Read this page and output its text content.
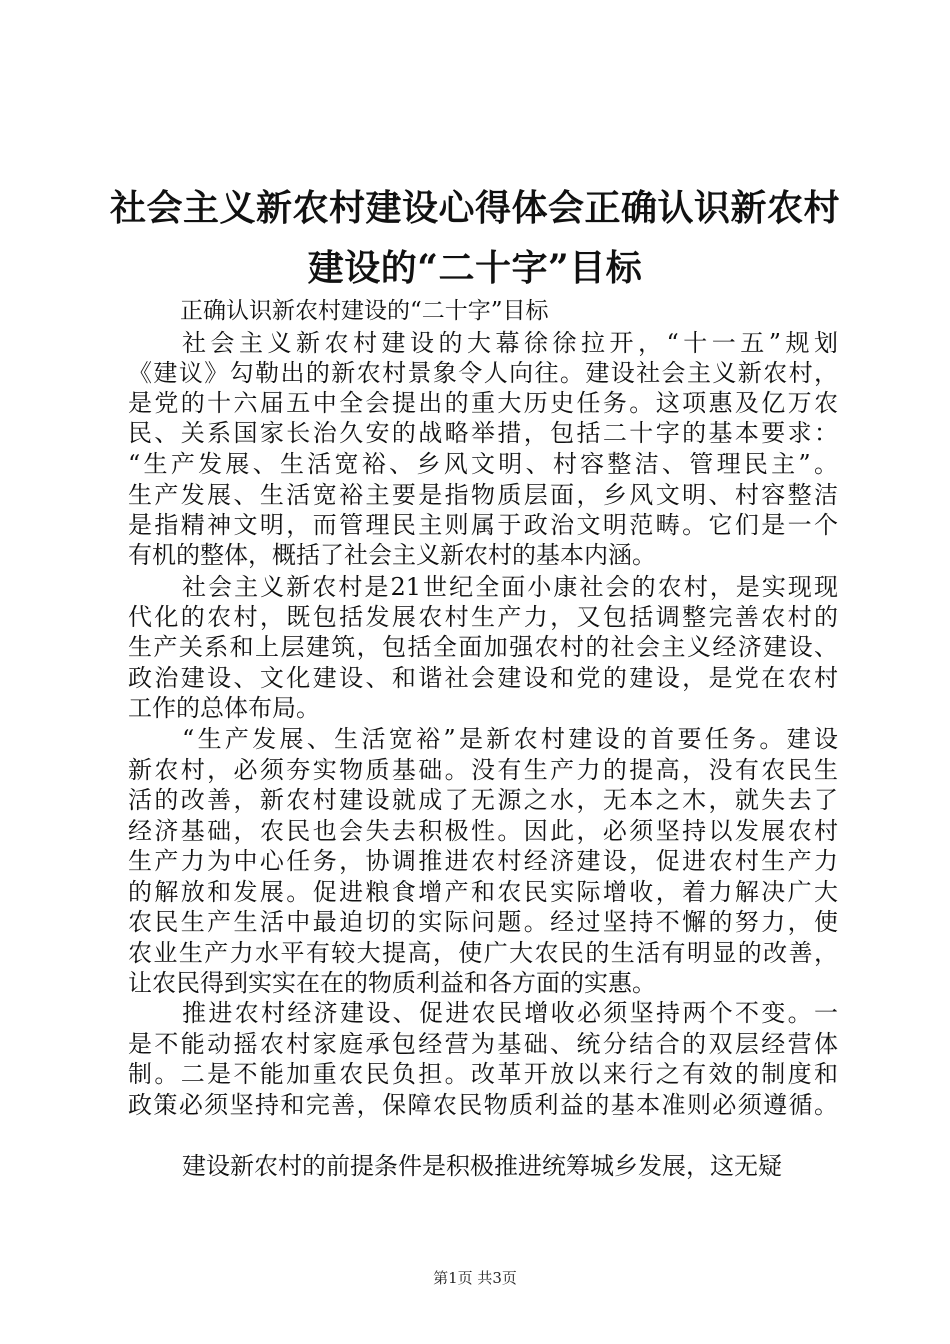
社会主义新农村建设心得体会正确认识新农村
建设的“二十字”目标
正确认识新农村建设的“二十字”目标
社会主义新农村建设的大幕徐徐拉开，“十一五”规划
《建议》勾勒出的新农村景象令人向往。建设社会主义新农村，
是党的十六届五中全会提出的重大历史任务。这项惠及亿万农
民、关系国家长治久安的战略举措，包括二十字的基本要求：
“生产发展、生活宽裕、乡风文明、村容整洁、管理民主”。
生产发展、生活宽裕主要是指物质层面，乡风文明、村容整洁
是指精神文明，而管理民主则属于政治文明范畴。它们是一个
有机的整体，概括了社会主义新农村的基本内涵。
社会主义新农村是21世纪全面小康社会的农村，是实现现
代化的农村，既包括发展农村生产力，又包括调整完善农村的
生产关系和上层建筑，包括全面加强农村的社会主义经济建设、
政治建设、文化建设、和谐社会建设和党的建设，是党在农村
工作的总体布局。
“生产发展、生活宽裕”是新农村建设的首要任务。建设
新农村，必须夯实物质基础。没有生产力的提高，没有农民生
活的改善，新农村建设就成了无源之水，无本之木，就失去了
经济基础，农民也会失去积极性。因此，必须坚持以发展农村
生产力为中心任务，协调推进农村经济建设，促进农村生产力
的解放和发展。促进粮食增产和农民实际增收，着力解决广大
农民生产生活中最迫切的实际问题。经过坚持不懈的努力，使
农业生产力水平有较大提高，使广大农民的生活有明显的改善，
让农民得到实实在在的物质利益和各方面的实惠。
推进农村经济建设、促进农民增收必须坚持两个不变。一
是不能动摇农村家庭承包经营为基础、统分结合的双层经营体
制。二是不能加重农民负担。改革开放以来行之有效的制度和
政策必须坚持和完善，保障农民物质利益的基本准则必须遵循。
建设新农村的前提条件是积极推进统筹城乡发展，这无疑
第1页 共3页
